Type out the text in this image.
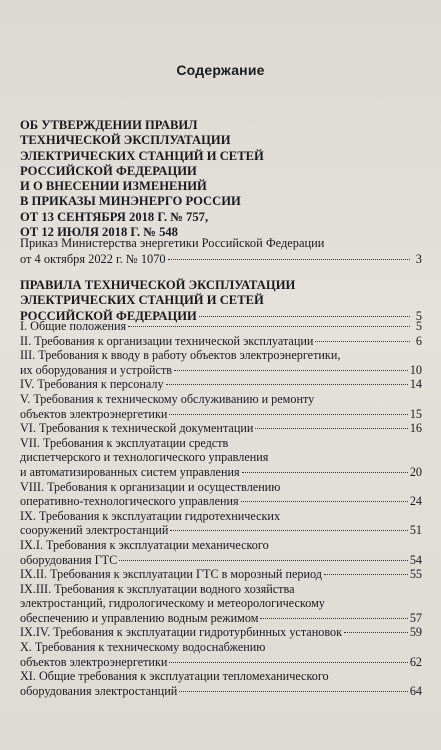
Содержание
ОБ УТВЕРЖДЕНИИ ПРАВИЛ
ТЕХНИЧЕСКОЙ ЭКСПЛУАТАЦИИ
ЭЛЕКТРИЧЕСКИХ СТАНЦИЙ И СЕТЕЙ
РОССИЙСКОЙ ФЕДЕРАЦИИ
И О ВНЕСЕНИИ ИЗМЕНЕНИЙ
В ПРИКАЗЫ МИНЭНЕРГО РОССИИ
ОТ 13 СЕНТЯБРЯ 2018 Г. № 757,
ОТ 12 ИЮЛЯ 2018 Г. № 548
Приказ Министерства энергетики Российской Федерации
от 4 октября 2022 г. № 1070	3
ПРАВИЛА ТЕХНИЧЕСКОЙ ЭКСПЛУАТАЦИИ
ЭЛЕКТРИЧЕСКИХ СТАНЦИЙ И СЕТЕЙ
РОССИЙСКОЙ ФЕДЕРАЦИИ	5
I. Общие положения	5
II. Требования к организации технической эксплуатации	6
III. Требования к вводу в работу объектов электроэнергетики,
их оборудования и устройств	10
IV. Требования к персоналу	14
V. Требования к техническому обслуживанию и ремонту
объектов электроэнергетики	15
VI. Требования к технической документации	16
VII. Требования к эксплуатации средств
диспетчерского и технологического управления
и автоматизированных систем управления	20
VIII. Требования к организации и осуществлению
оперативно-технологического управления	24
IX. Требования к эксплуатации гидротехнических
сооружений электростанций	51
IX.I. Требования к эксплуатации механического
оборудования ГТС	54
IX.II. Требования к эксплуатации ГТС в морозный период	55
IX.III. Требования к эксплуатации водного хозяйства
электростанций, гидрологическому и метеорологическому
обеспечению и управлению водным режимом	57
IX.IV. Требования к эксплуатации гидротурбинных установок	59
X. Требования к техническому водоснабжению
объектов электроэнергетики	62
XI. Общие требования к эксплуатации тепломеханического
оборудования электростанций	64
